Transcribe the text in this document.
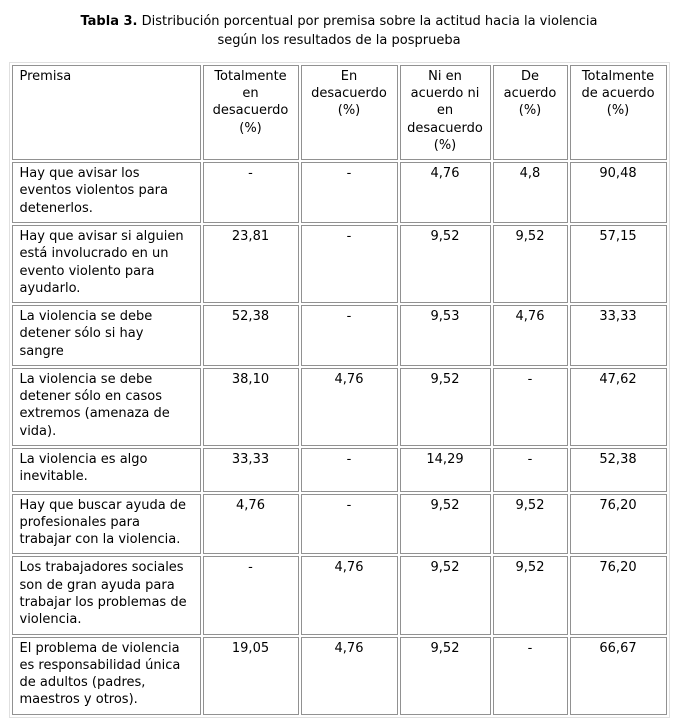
Tabla 3. Distribución porcentual por premisa sobre la actitud hacia la violencia según los resultados de la posprueba
Premisa	Totalmente en desacuerdo (%)	En desacuerdo (%)	Ni en acuerdo ni en desacuerdo (%)	De acuerdo (%)	Totalmente de acuerdo (%)
Hay que avisar los eventos violentos para detenerlos.	-	-	4,76	4,8	90,48
Hay que avisar si alguien está involucrado en un evento violento para ayudarlo.	23,81	-	9,52	9,52	57,15
La violencia se debe detener sólo si hay sangre	52,38	-	9,53	4,76	33,33
La violencia se debe detener sólo en casos extremos (amenaza de vida).	38,10	4,76	9,52	-	47,62
La violencia es algo inevitable.	33,33	-	14,29	-	52,38
Hay que buscar ayuda de profesionales para trabajar con la violencia.	4,76	-	9,52	9,52	76,20
Los trabajadores sociales son de gran ayuda para trabajar los problemas de violencia.	-	4,76	9,52	9,52	76,20
El problema de violencia es responsabilidad única de adultos (padres, maestros y otros).	19,05	4,76	9,52	-	66,67
